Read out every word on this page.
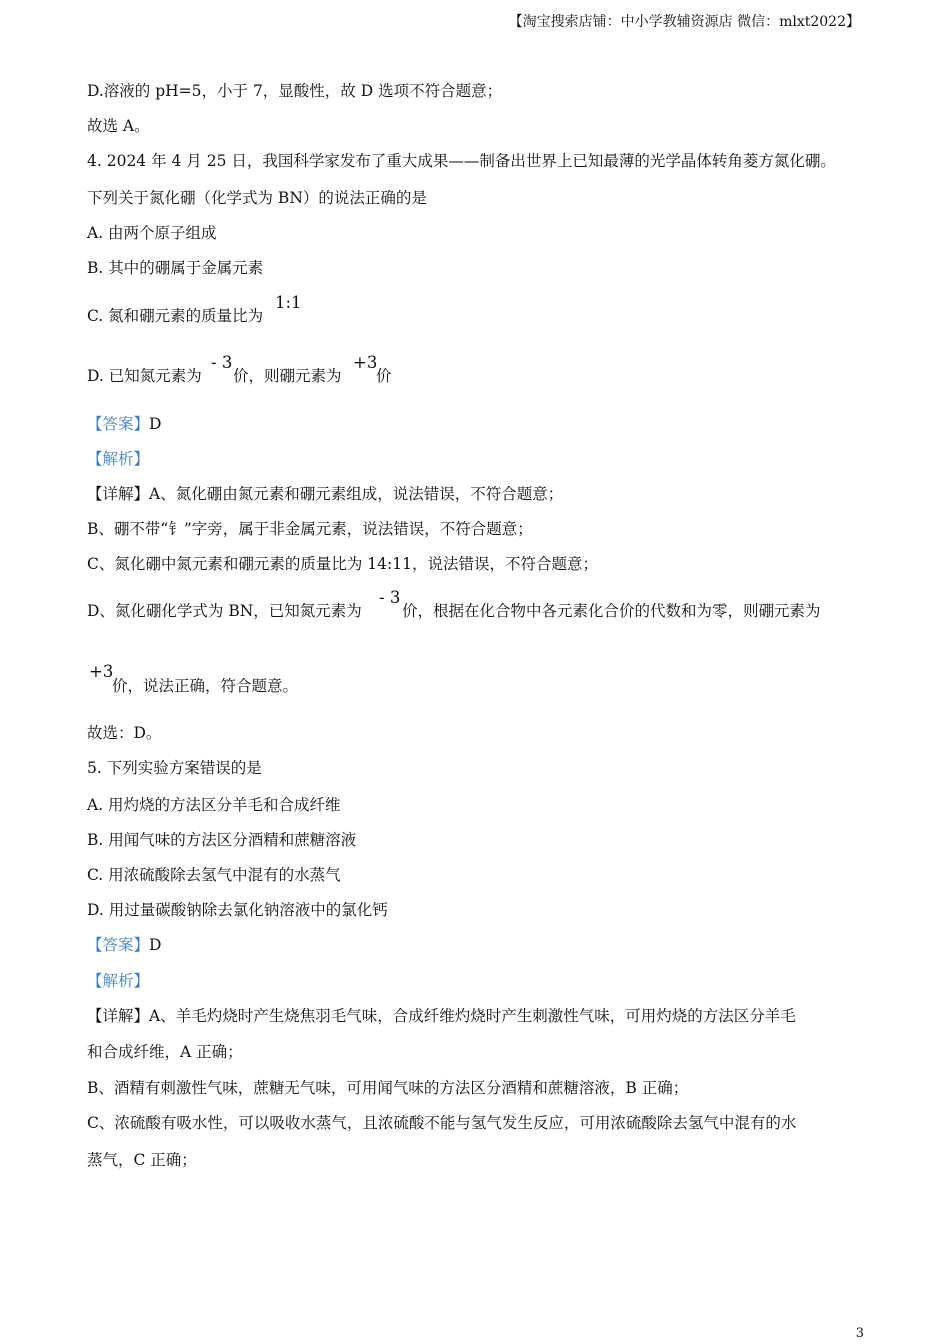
【淘宝搜索店铺：中小学教辅资源店 微信：mlxt2022】
D.溶液的 pH=5，小于 7，显酸性，故 D 选项不符合题意；
故选 A。
4. 2024 年 4 月 25 日，我国科学家发布了重大成果——制备出世界上已知最薄的光学晶体转角菱方氮化硼。
下列关于氮化硼（化学式为 BN）的说法正确的是
A. 由两个原子组成
B. 其中的硼属于金属元素
C. 氮和硼元素的质量比为
1:1
D. 已知氮元素为
- 3
价，则硼元素为
+3
价
【答案】D
【解析】
【详解】A、氮化硼由氮元素和硼元素组成，说法错误，不符合题意；
B、硼不带“钅”字旁，属于非金属元素，说法错误，不符合题意；
C、氮化硼中氮元素和硼元素的质量比为 14:11，说法错误，不符合题意；
D、氮化硼化学式为 BN，已知氮元素为
- 3
价，根据在化合物中各元素化合价的代数和为零，则硼元素为
+3
价，说法正确，符合题意。
故选：D。
5. 下列实验方案错误的是
A. 用灼烧的方法区分羊毛和合成纤维
B. 用闻气味的方法区分酒精和蔗糖溶液
C. 用浓硫酸除去氢气中混有的水蒸气
D. 用过量碳酸钠除去氯化钠溶液中的氯化钙
【答案】D
【解析】
【详解】A、羊毛灼烧时产生烧焦羽毛气味，合成纤维灼烧时产生刺激性气味，可用灼烧的方法区分羊毛
和合成纤维，A 正确；
B、酒精有刺激性气味，蔗糖无气味，可用闻气味的方法区分酒精和蔗糖溶液，B 正确；
C、浓硫酸有吸水性，可以吸收水蒸气，且浓硫酸不能与氢气发生反应，可用浓硫酸除去氢气中混有的水
蒸气，C 正确；
3
